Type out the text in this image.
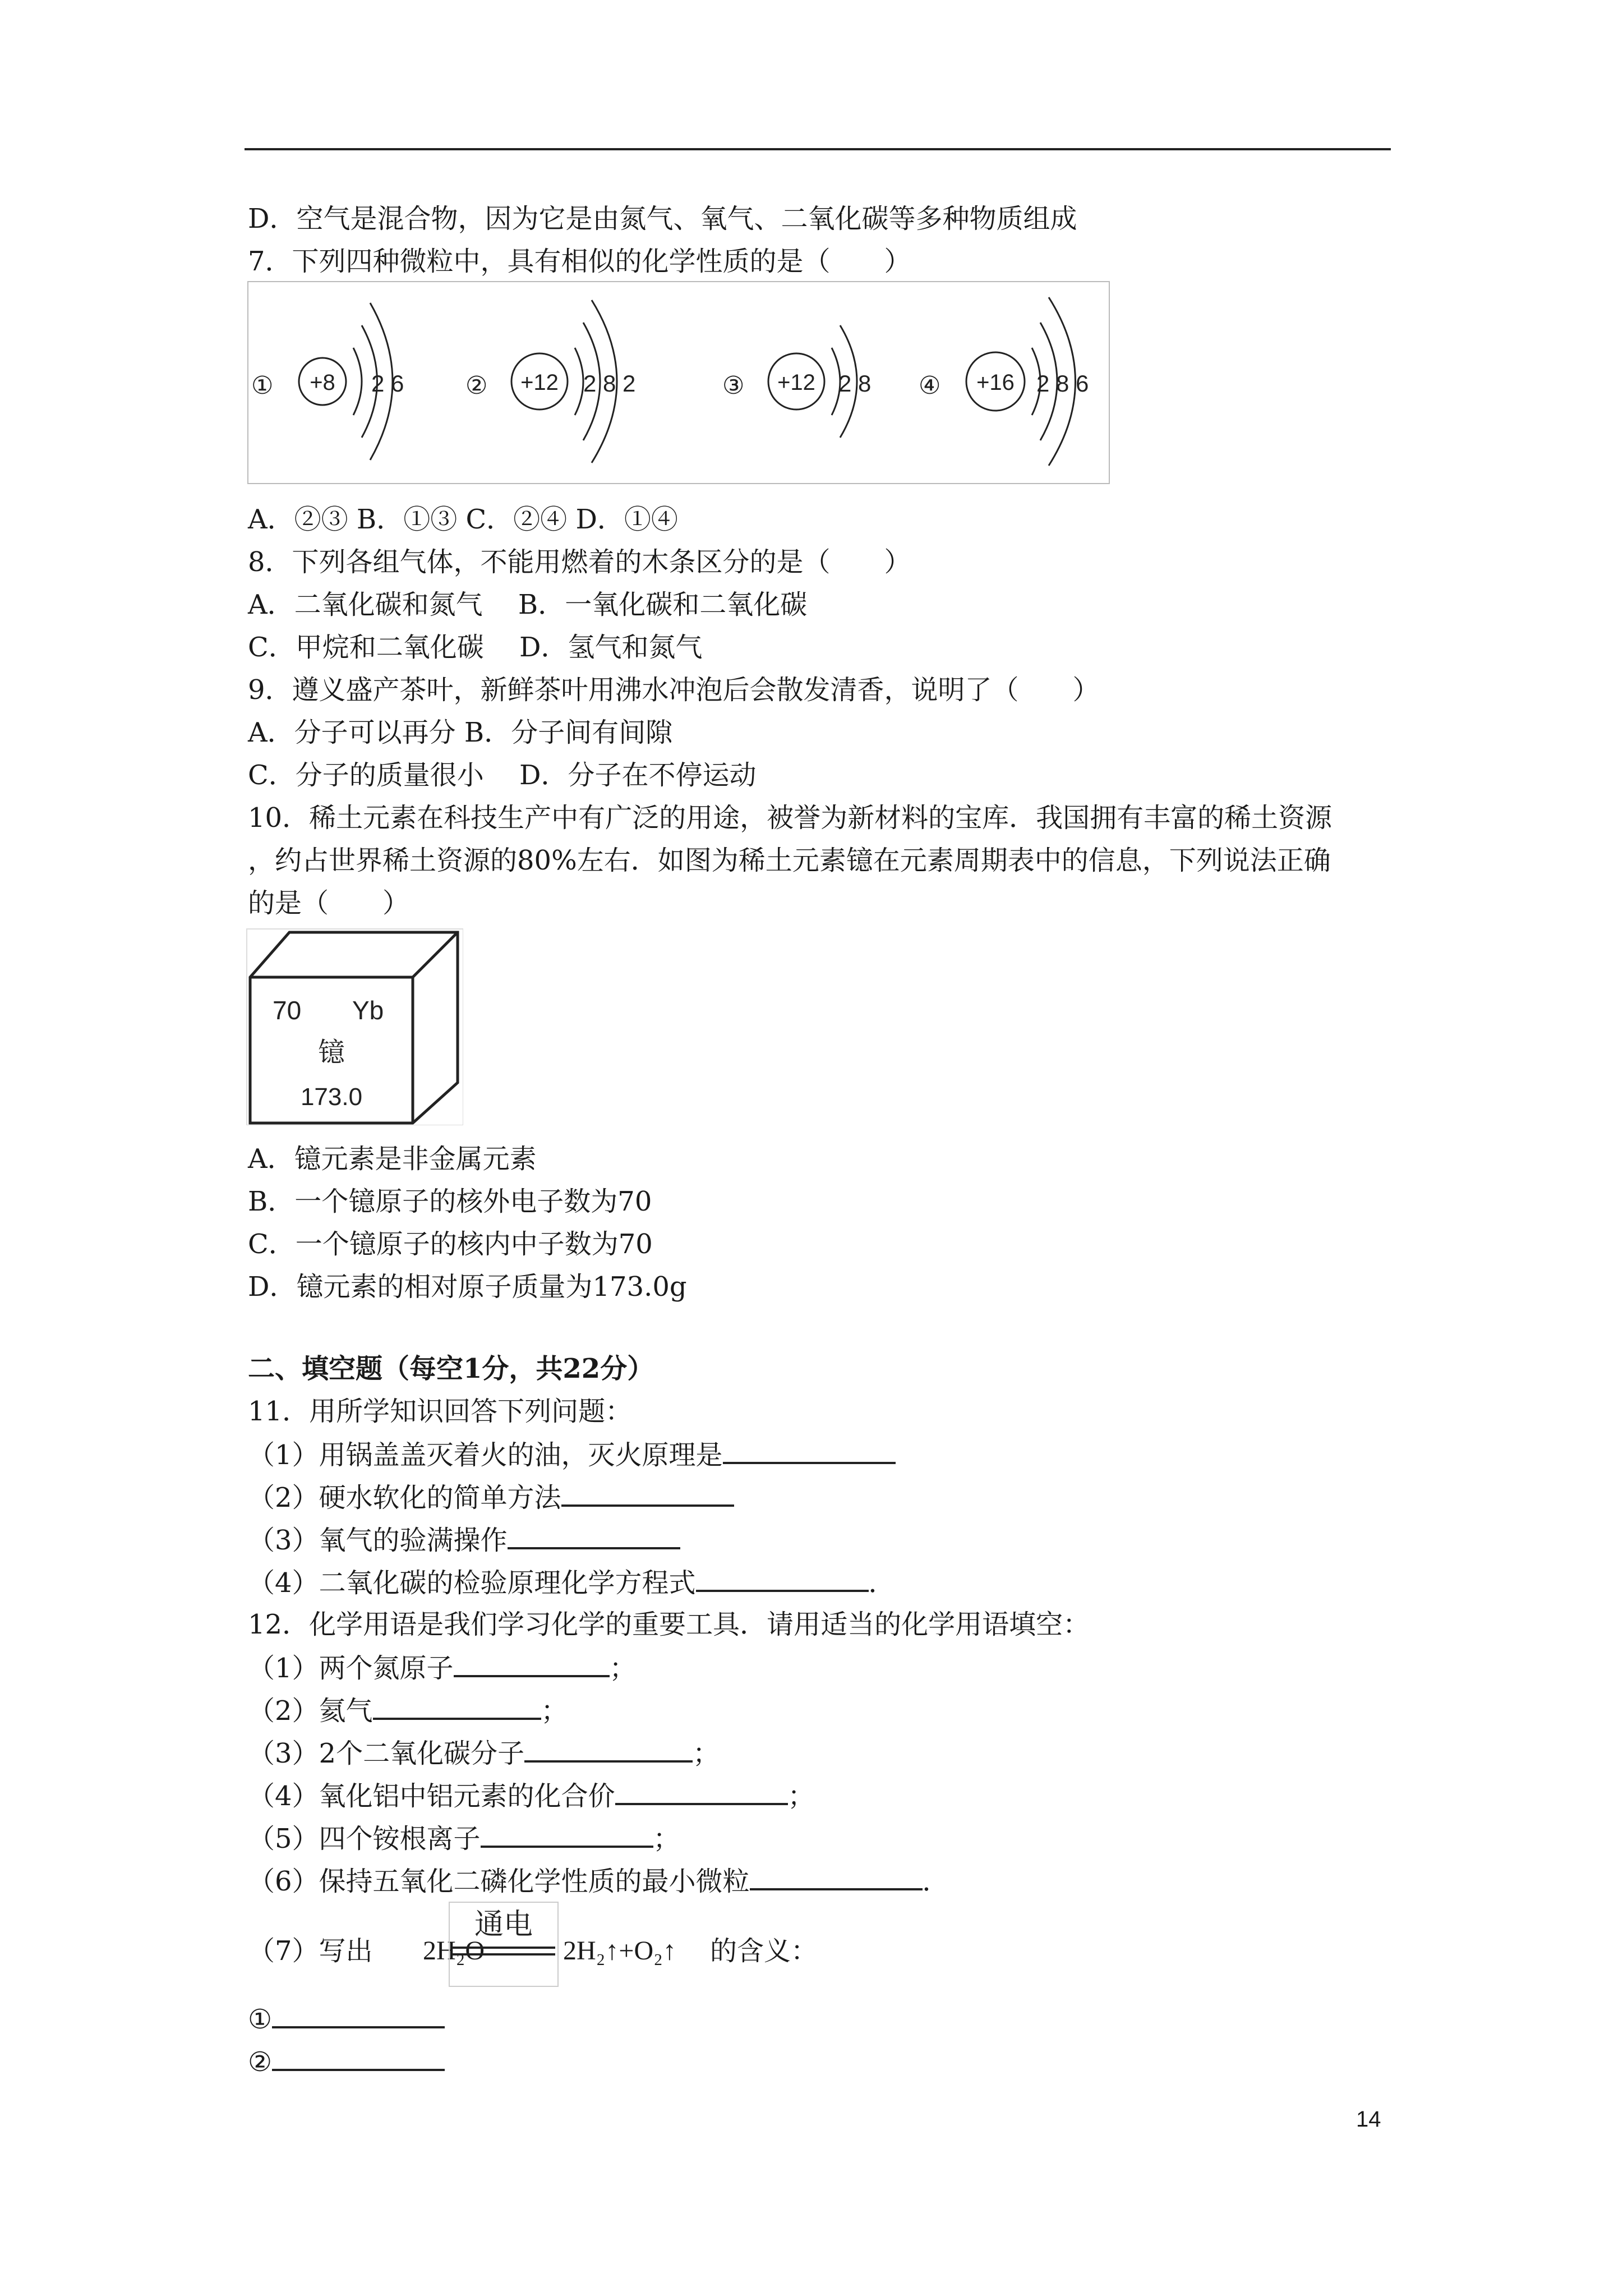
D．空气是混合物，因为它是由氮气、氧气、二氧化碳等多种物质组成
7．下列四种微粒中，具有相似的化学性质的是（　　）
① +8 2 6 ② +12 2 8 2	③ +12 2 8 ④ +16 2 8 6
A．②③ B．①③ C．②④ D．①④
8．下列各组气体，不能用燃着的木条区分的是（　　）
A．二氧化碳和氮气　 B．一氧化碳和二氧化碳
C．甲烷和二氧化碳　 D．氢气和氮气
9．遵义盛产茶叶，新鲜茶叶用沸水冲泡后会散发清香，说明了（　　）
A．分子可以再分 B．分子间有间隙
C．分子的质量很小　 D．分子在不停运动
10．稀土元素在科技生产中有广泛的用途，被誉为新材料的宝库．我国拥有丰富的稀土资源
，约占世界稀土资源的80%左右．如图为稀土元素镱在元素周期表中的信息，下列说法正确
的是（　　）
70 Yb
镱
173.0
A．镱元素是非金属元素
B．一个镱原子的核外电子数为70
C．一个镱原子的核内中子数为70
D．镱元素的相对原子质量为173.0g
二、填空题（每空1分，共22分）
11．用所学知识回答下列问题：
（1）用锅盖盖灭着火的油，灭火原理是
（2）硬水软化的简单方法
（3）氧气的验满操作
（4）二氧化碳的检验原理化学方程式	．
12．化学用语是我们学习化学的重要工具．请用适当的化学用语填空：
（1）两个氮原子	；
（2）氦气	；
（3）2个二氧化碳分子	；
（4）氧化铝中铝元素的化合价	；
（5）四个铵根离子	；
（6）保持五氧化二磷化学性质的最小微粒	．
（7）写出 2H₂O
通电
2H₂↑+O₂↑ 的含义：
①
②
14
